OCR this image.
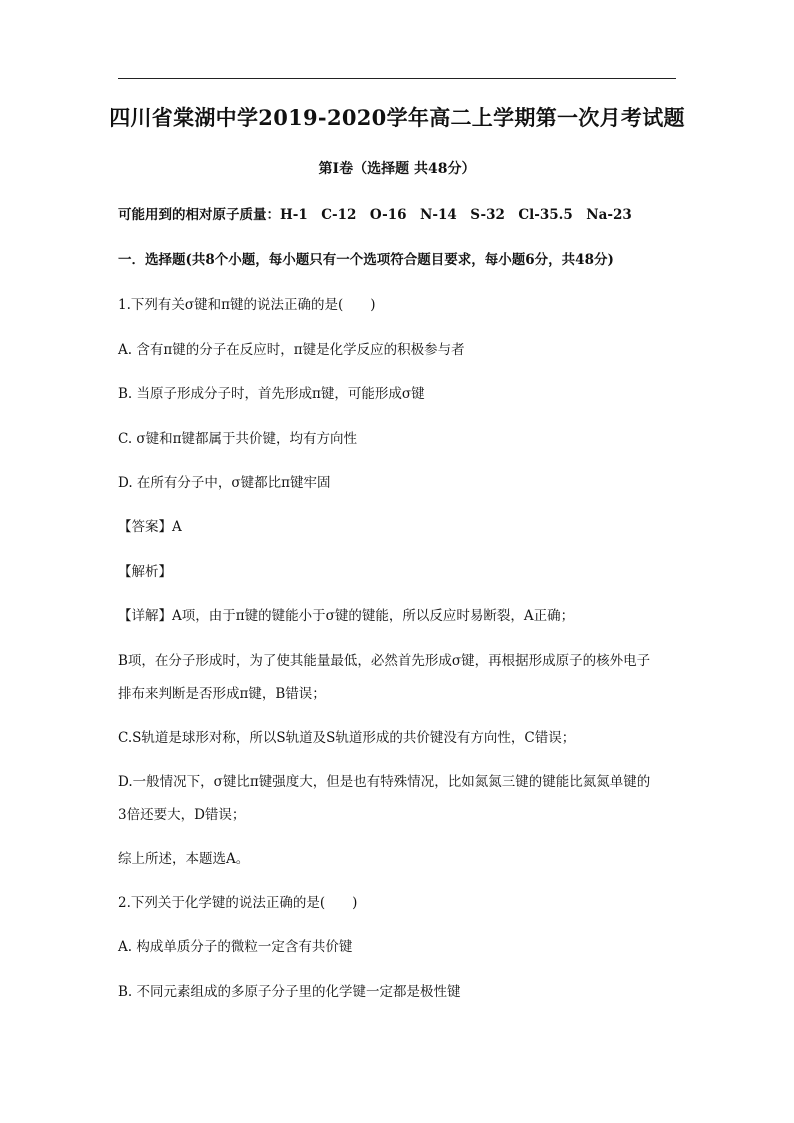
四川省棠湖中学2019-2020学年高二上学期第一次月考试题
第Ⅰ卷（选择题 共48分）
可能用到的相对原子质量：H-1　C-12　O-16　N-14　S-32　Cl-35.5　Na-23
一．选择题(共8个小题，每小题只有一个选项符合题目要求，每小题6分，共48分)
1.下列有关σ键和π键的说法正确的是(　　)
A. 含有π键的分子在反应时，π键是化学反应的积极参与者
B. 当原子形成分子时，首先形成π键，可能形成σ键
C. σ键和π键都属于共价键，均有方向性
D. 在所有分子中，σ键都比π键牢固
【答案】A
【解析】
【详解】A项，由于π键的键能小于σ键的键能，所以反应时易断裂，A正确；
B项，在分子形成时，为了使其能量最低，必然首先形成σ键，再根据形成原子的核外电子
排布来判断是否形成π键，B错误；
C.S轨道是球形对称，所以S轨道及S轨道形成的共价键没有方向性，C错误；
D.一般情况下，σ键比π键强度大，但是也有特殊情况，比如氮氮三键的键能比氮氮单键的
3倍还要大，D错误；
综上所述，本题选A。
2.下列关于化学键的说法正确的是(　　)
A. 构成单质分子的微粒一定含有共价键
B. 不同元素组成的多原子分子里的化学键一定都是极性键
